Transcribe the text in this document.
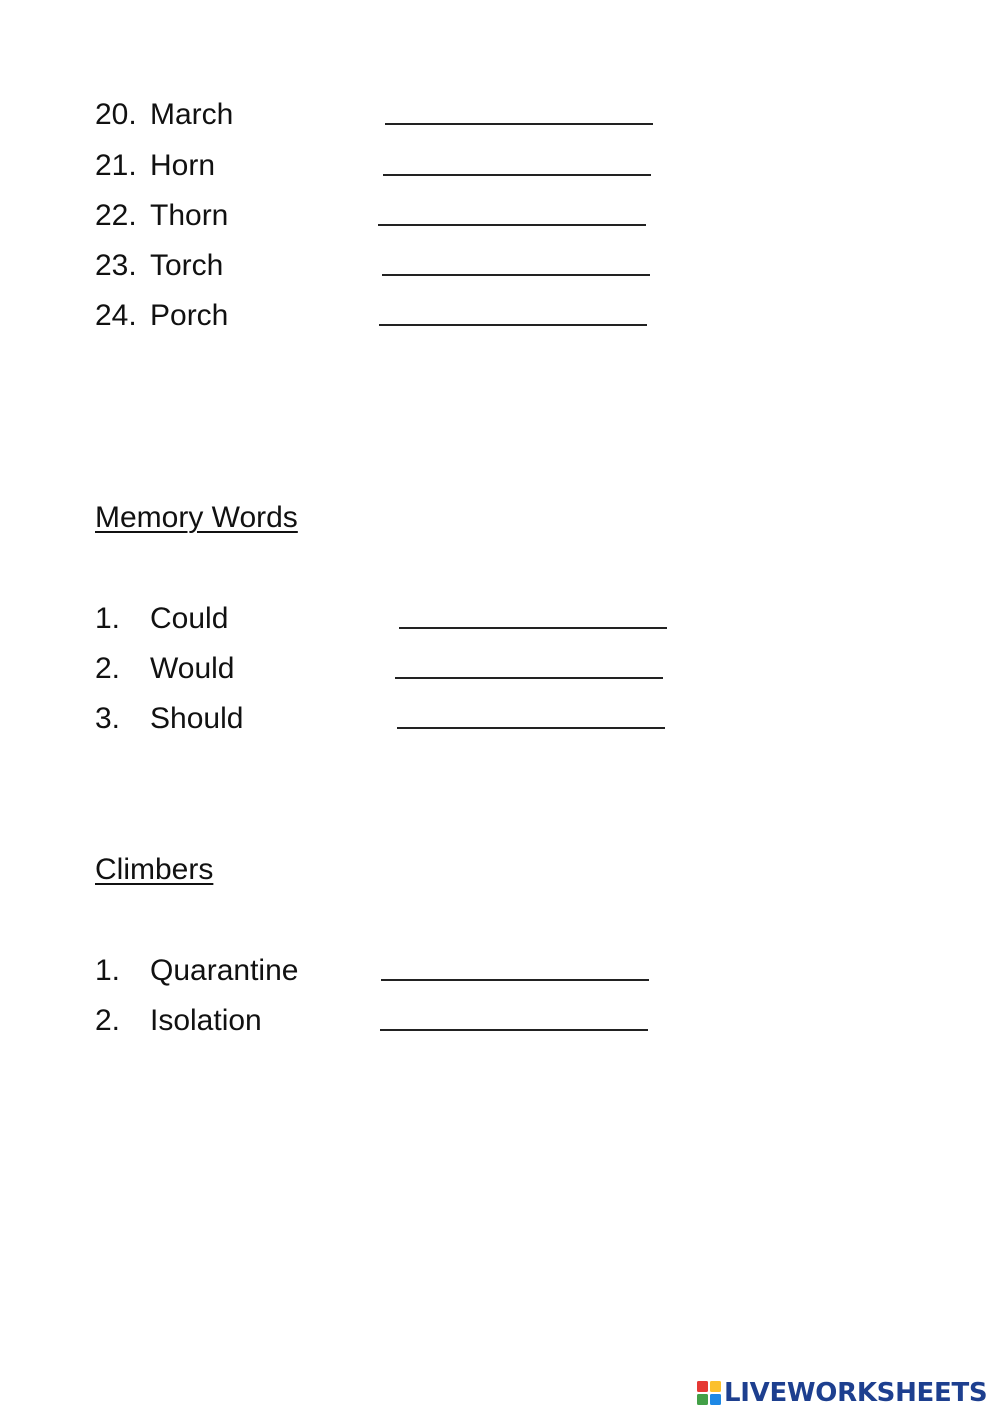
20. March
21. Horn
22. Thorn
23. Torch
24. Porch
Memory Words
1. Could
2. Would
3. Should
Climbers
1. Quarantine
2. Isolation
LIVEWORKSHEETS
